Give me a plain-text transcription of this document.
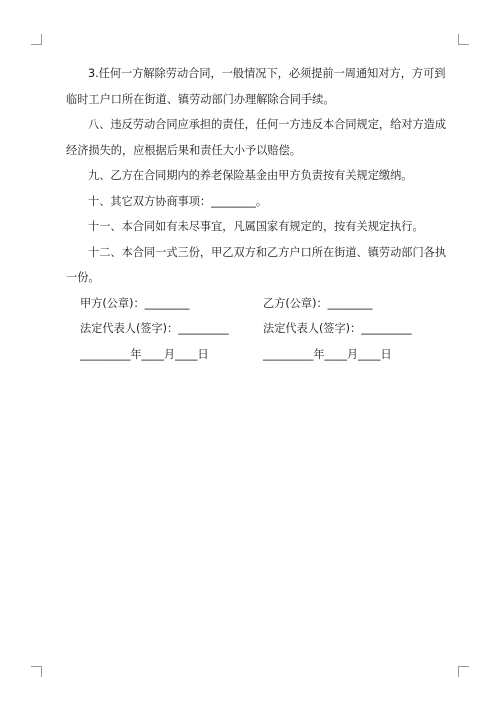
3.任何一方解除劳动合同，一般情况下，必须提前一周通知对方，方可到临时工户口所在街道、镇劳动部门办理解除合同手续。

八、违反劳动合同应承担的责任，任何一方违反本合同规定，给对方造成经济损失的，应根据后果和责任大小予以赔偿。

九、乙方在合同期内的养老保险基金由甲方负责按有关规定缴纳。

十、其它双方协商事项：________。

十一、本合同如有未尽事宜，凡属国家有规定的，按有关规定执行。

十二、本合同一式三份，甲乙双方和乙方户口所在街道、镇劳动部门各执一份。

甲方(公章)：________	乙方(公章)：________
法定代表人(签字)：_________	法定代表人(签字)：_________
_________年____月____日	_________年____月____日
